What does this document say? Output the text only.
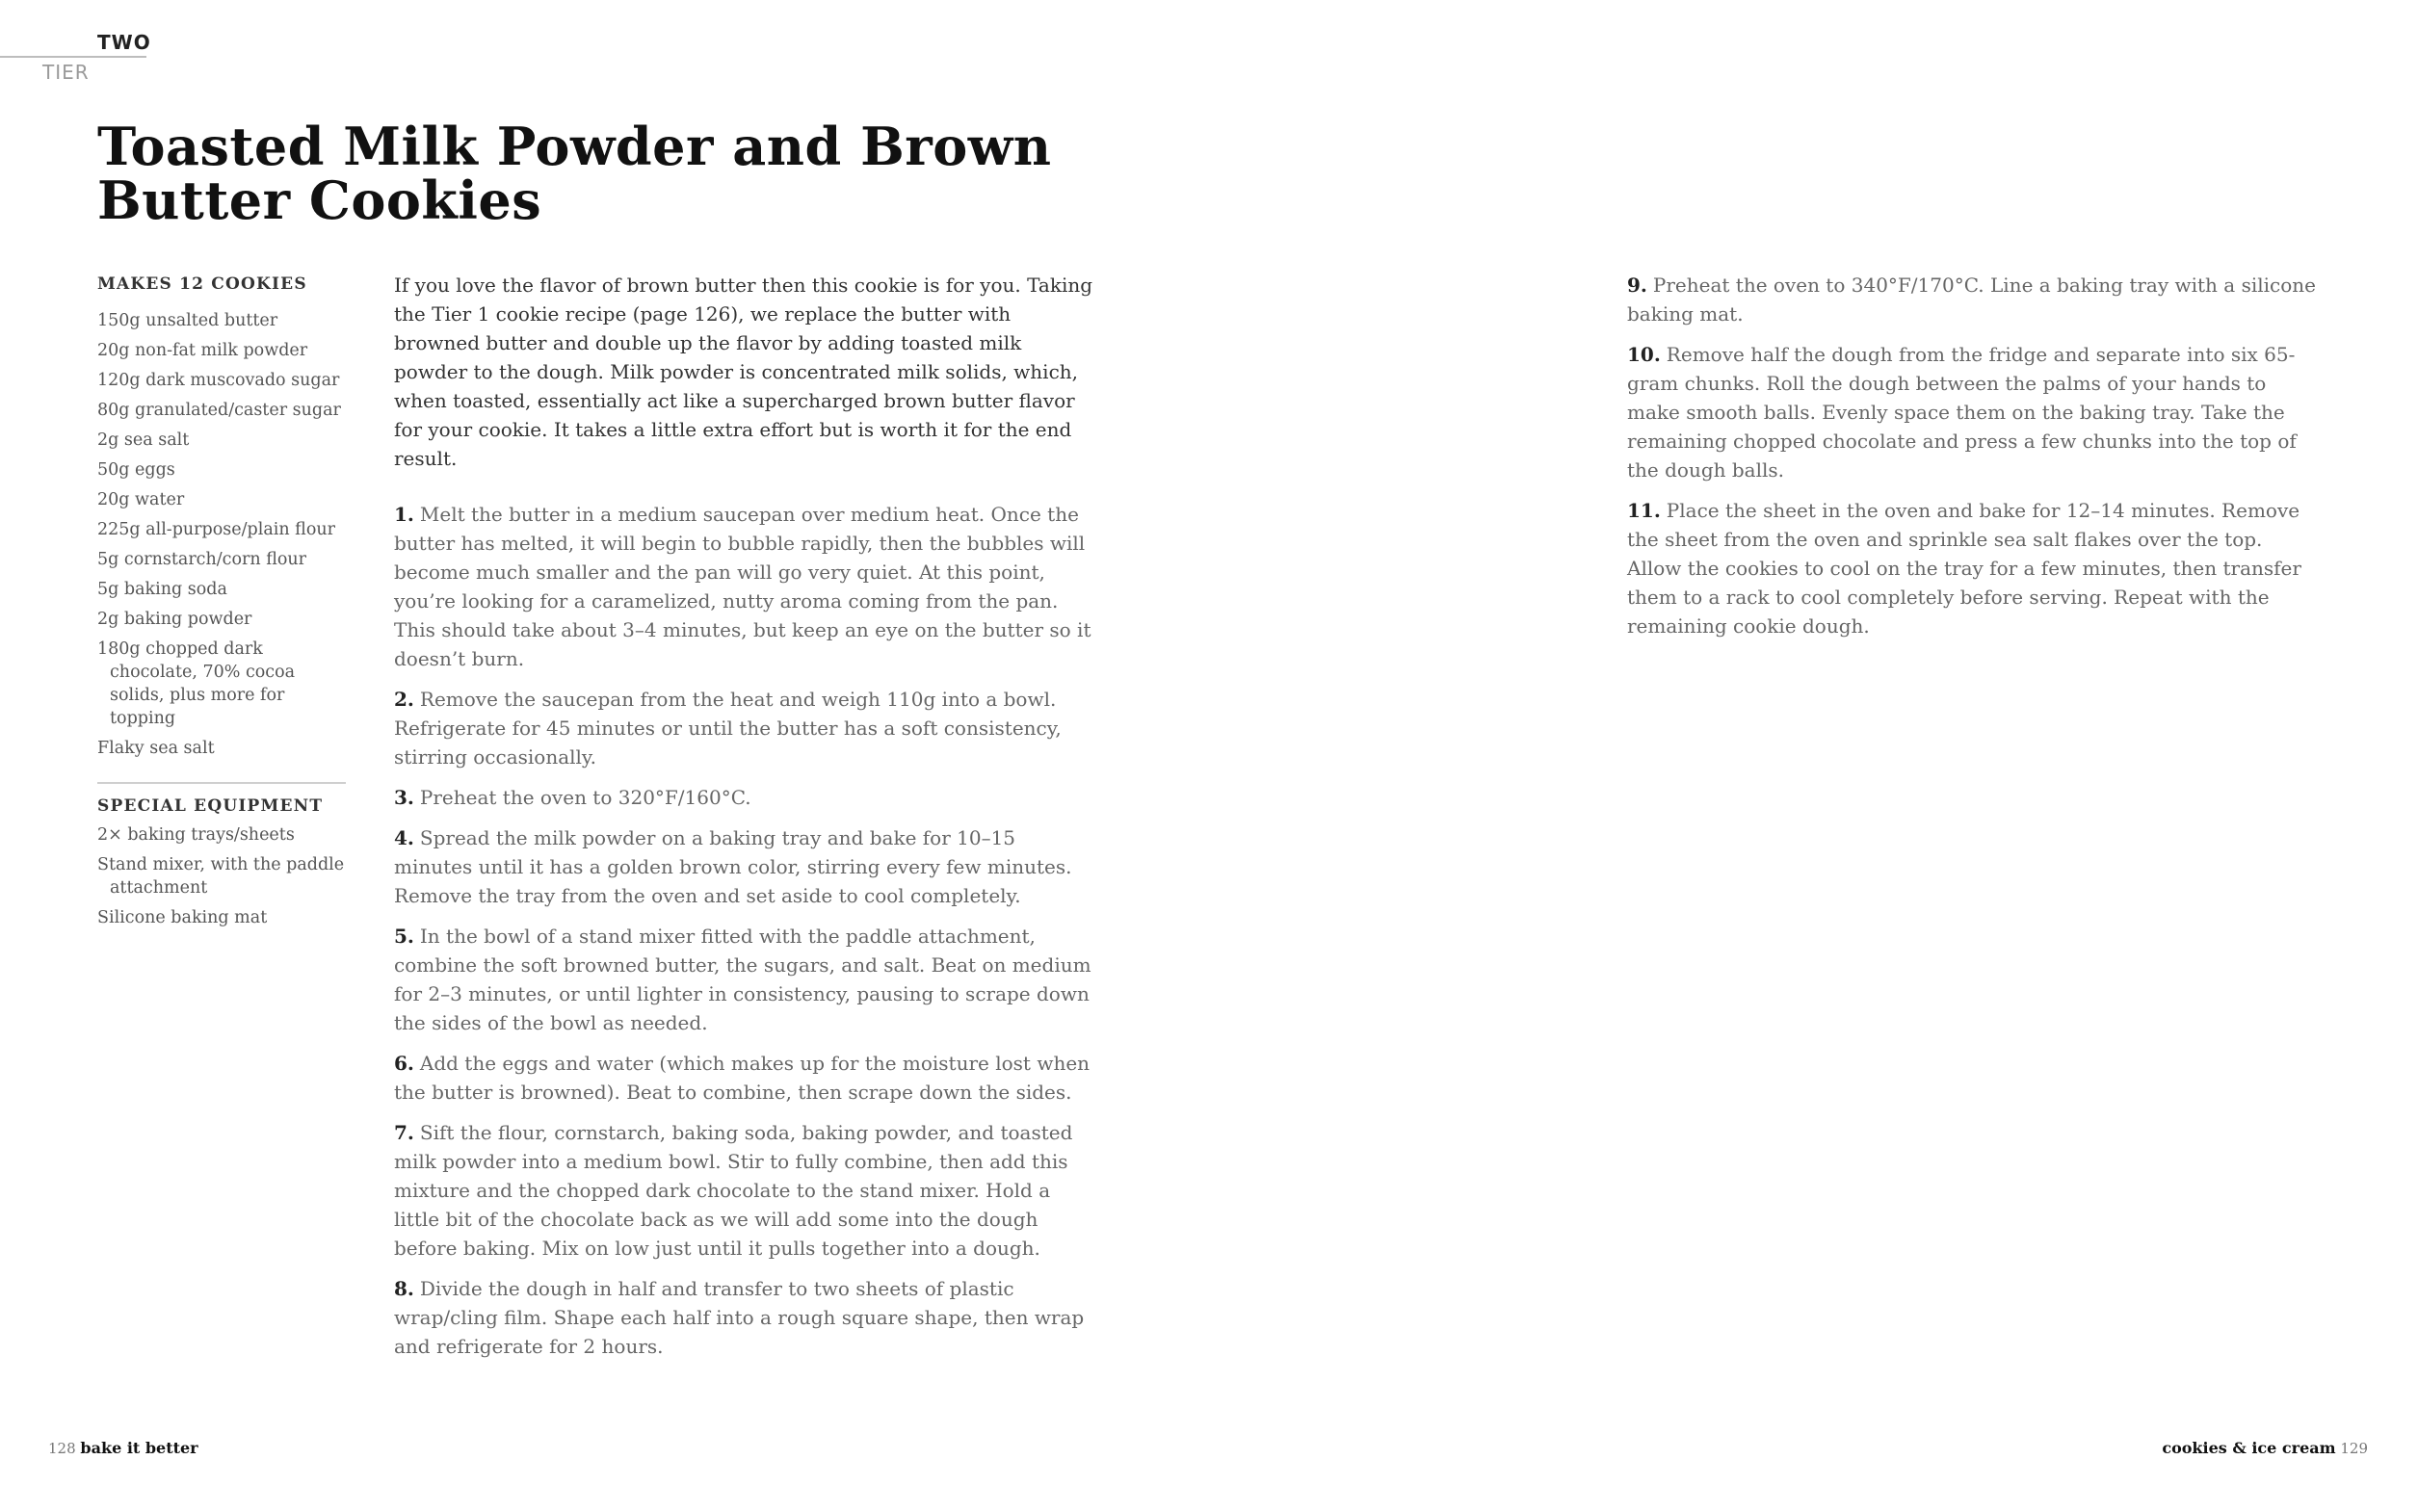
TWO
TIER
Toasted Milk Powder and Brown
Butter Cookies

MAKES 12 COOKIES

150g unsalted butter
20g non-fat milk powder
120g dark muscovado sugar
80g granulated/caster sugar
2g sea salt
50g eggs
20g water
225g all-purpose/plain flour
5g cornstarch/corn flour
5g baking soda
2g baking powder
180g chopped dark chocolate, 70% cocoa solids, plus more for topping
Flaky sea salt

SPECIAL EQUIPMENT

2× baking trays/sheets
Stand mixer, with the paddle attachment
Silicone baking mat

If you love the flavor of brown butter then this cookie is for you. Taking the Tier 1 cookie recipe (page 126), we replace the butter with browned butter and double up the flavor by adding toasted milk powder to the dough. Milk powder is concentrated milk solids, which, when toasted, essentially act like a supercharged brown butter flavor for your cookie. It takes a little extra effort but is worth it for the end result.

1. Melt the butter in a medium saucepan over medium heat. Once the butter has melted, it will begin to bubble rapidly, then the bubbles will become much smaller and the pan will go very quiet. At this point, you’re looking for a caramelized, nutty aroma coming from the pan. This should take about 3–4 minutes, but keep an eye on the butter so it doesn’t burn.

2. Remove the saucepan from the heat and weigh 110g into a bowl. Refrigerate for 45 minutes or until the butter has a soft consistency, stirring occasionally.

3. Preheat the oven to 320°F/160°C.

4. Spread the milk powder on a baking tray and bake for 10–15 minutes until it has a golden brown color, stirring every few minutes. Remove the tray from the oven and set aside to cool completely.

5. In the bowl of a stand mixer fitted with the paddle attachment, combine the soft browned butter, the sugars, and salt. Beat on medium for 2–3 minutes, or until lighter in consistency, pausing to scrape down the sides of the bowl as needed.

6. Add the eggs and water (which makes up for the moisture lost when the butter is browned). Beat to combine, then scrape down the sides.

7. Sift the flour, cornstarch, baking soda, baking powder, and toasted milk powder into a medium bowl. Stir to fully combine, then add this mixture and the chopped dark chocolate to the stand mixer. Hold a little bit of the chocolate back as we will add some into the dough before baking. Mix on low just until it pulls together into a dough.

8. Divide the dough in half and transfer to two sheets of plastic wrap/cling film. Shape each half into a rough square shape, then wrap and refrigerate for 2 hours.

9. Preheat the oven to 340°F/170°C. Line a baking tray with a silicone baking mat.

10. Remove half the dough from the fridge and separate into six 65-gram chunks. Roll the dough between the palms of your hands to make smooth balls. Evenly space them on the baking tray. Take the remaining chopped chocolate and press a few chunks into the top of the dough balls.

11. Place the sheet in the oven and bake for 12–14 minutes. Remove the sheet from the oven and sprinkle sea salt flakes over the top. Allow the cookies to cool on the tray for a few minutes, then transfer them to a rack to cool completely before serving. Repeat with the remaining cookie dough.

128 bake it better	cookies & ice cream 129
